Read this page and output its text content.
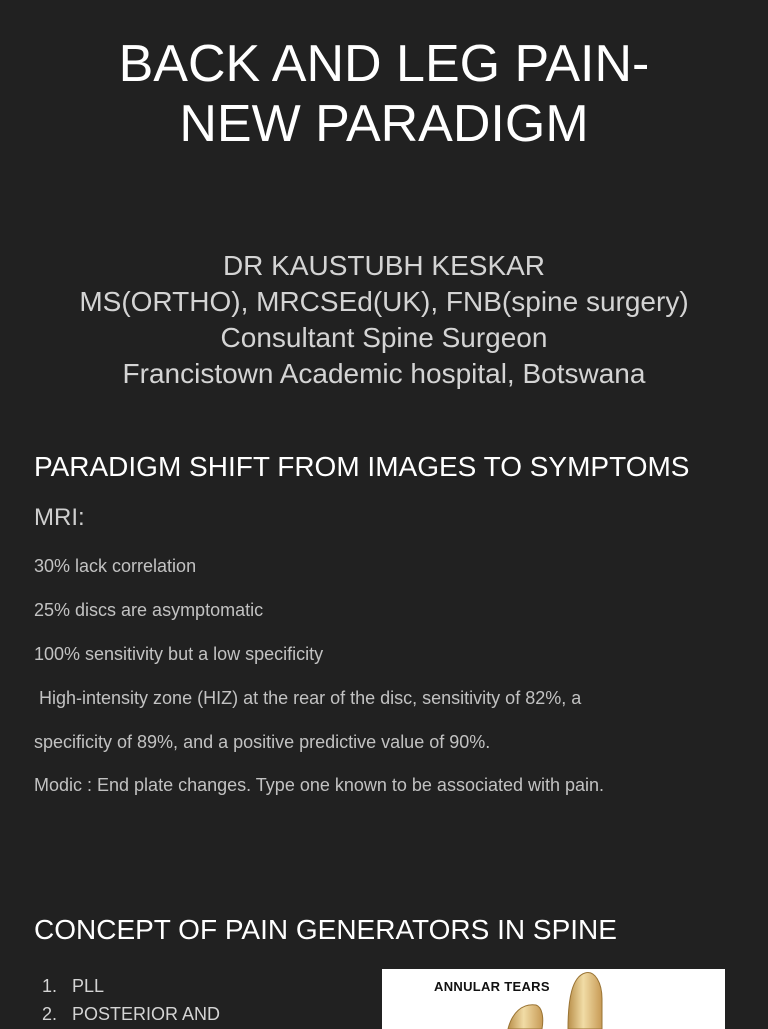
BACK AND LEG PAIN-
NEW PARADIGM
DR KAUSTUBH KESKAR
MS(ORTHO), MRCSEd(UK), FNB(spine surgery)
Consultant Spine Surgeon
Francistown Academic hospital, Botswana
PARADIGM SHIFT FROM IMAGES TO SYMPTOMS
MRI:
30% lack correlation
25% discs are asymptomatic
100% sensitivity but a low specificity
High-intensity zone (HIZ) at the rear of the disc, sensitivity of 82%, a
specificity of 89%, and a positive predictive value of 90%.
Modic : End plate changes. Type one known to be associated with pain.
CONCEPT OF PAIN GENERATORS IN SPINE
1. PLL
2. POSTERIOR AND
ANNULAR TEARS
